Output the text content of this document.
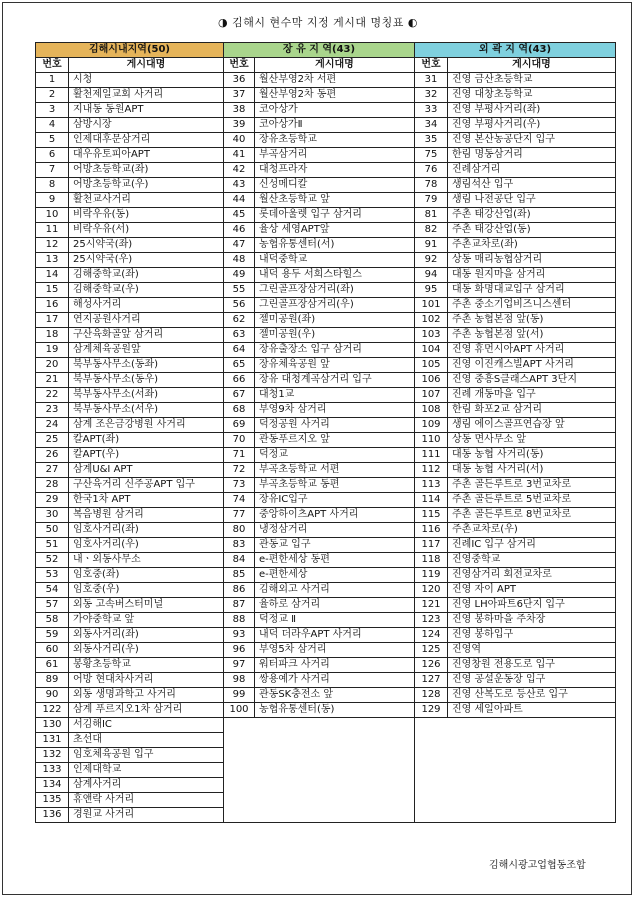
◑ 김해시 현수막 지정 게시대 명칭표 ◐
김해시내지역(50)		장 유 지 역(43)		외 곽 지 역(43)	
번호	게시대명	번호	게시대명	번호	게시대명
1	시청	36	월산부영2차 서편	31	진영 금산초등학교
2	활천제일교회 사거리	37	월산부영2차 동편	32	진영 대창초등학교
3	지내동 동원APT	38	코아상가	33	진영 부평사거리(좌)
4	삼방시장	39	코아상가Ⅱ	34	진영 부평사거리(우)
5	인제대후문삼거리	40	장유초등학교	35	진영 본산농공단지 입구
6	대우유토피아APT	41	부곡삼거리	75	한림 명동삼거리
7	어방초등학교(좌)	42	대청프라자	76	진례삼거리
8	어방초등학교(우)	43	신성메디칼	78	생림석산 입구
9	활천교사거리	44	월산초등학교 앞	79	생림 나전공단 입구
10	비락우유(동)	45	롯데아울렛 입구 삼거리	81	주촌 태강산업(좌)
11	비락우유(서)	46	율상 세영APT앞	82	주촌 태강산업(동)
12	25시약국(좌)	47	농협유통센터(서)	91	주촌교차로(좌)
13	25시약국(우)	48	내덕중학교	92	상동 매리농협삼거리
14	김해중학교(좌)	49	내덕 용두 서희스타힐스	94	대동 원지마을 삼거리
15	김해중학교(우)	55	그린골프장삼거리(좌)	95	대동 화명대교입구 삼거리
16	해성사거리	56	그린골프장삼거리(우)	101	주촌 중소기업비즈니스센터
17	연지공원사거리	62	젤미공원(좌)	102	주촌 농협본점 앞(동)
18	구산육화골앞 삼거리	63	젤미공원(우)	103	주촌 농협본점 앞(서)
19	삼계체육공원앞	64	장유출장소 입구 삼거리	104	진영 휴먼시아APT 사거리
20	북부동사무소(동좌)	65	장유체육공원 앞	105	진영 이진캐스빌APT 사거리
21	북부동사무소(동우)	66	장유 대청계곡삼거리 입구	106	진영 중흥S클래스APT 3단지
22	북부동사무소(서좌)	67	대청1교	107	진례 개동마을 입구
23	북부동사무소(서우)	68	부영9차 삼거리	108	한림 화포2교 삼거리
24	삼계 조은금강병원 사거리	69	덕정공원 사거리	109	생림 에이스골프연습장 앞
25	칼APT(좌)	70	관동푸르지오 앞	110	상동 면사무소 앞
26	칼APT(우)	71	덕정교	111	대동 농협 사거리(동)
27	삼계U&I APT	72	부곡초등학교 서편	112	대동 농협 사거리(서)
28	구산육거리 신주공APT 입구	73	부곡초등학교 동편	113	주촌 골든루트로 3번교차로
29	한국1차 APT	74	장유IC입구	114	주촌 골든루트로 5번교차로
30	복음병원 삼거리	77	중앙하이츠APT 사거리	115	주촌 골든루트로 8번교차로
50	임호사거리(좌)	80	냉정삼거리	116	주촌교차로(우)
51	임호사거리(우)	83	관동교 입구	117	진례IC 입구 삼거리
52	내ㆍ외동사무소	84	e-편한세상 동편	118	진영중학교
53	임호중(좌)	85	e-편한세상	119	진영삼거리 회전교차로
54	임호중(우)	86	김해외고 사거리	120	진영 자이 APT
57	외동 고속버스터미널	87	율하로 삼거리	121	진영 LH아파트6단지 입구
58	가야중학교 앞	88	덕정교 Ⅱ	123	진영 봉하마을 주차장
59	외동사거리(좌)	93	내덕 더라우APT 사거리	124	진영 봉하입구
60	외동사거리(우)	96	부영5차 삼거리	125	진영역
61	봉황초등학교	97	워터파크 사거리	126	진영창원 전용도로 입구
89	어방 현대차사거리	98	쌍용예가 사거리	127	진영 공설운동장 입구
90	외동 생명과학고 사거리	99	관동SK충전소 앞	128	진영 산복도로 등산로 입구
122	삼계 푸르지오1차 삼거리	100	농협유통센터(동)	129	진영 세일아파트
130	서김해IC				
131	초선대				
132	임호체육공원 입구				
133	인제대학교				
134	삼계사거리				
135	휴앤락 사거리				
136	경원교 사거리				
김해시광고업협동조합
